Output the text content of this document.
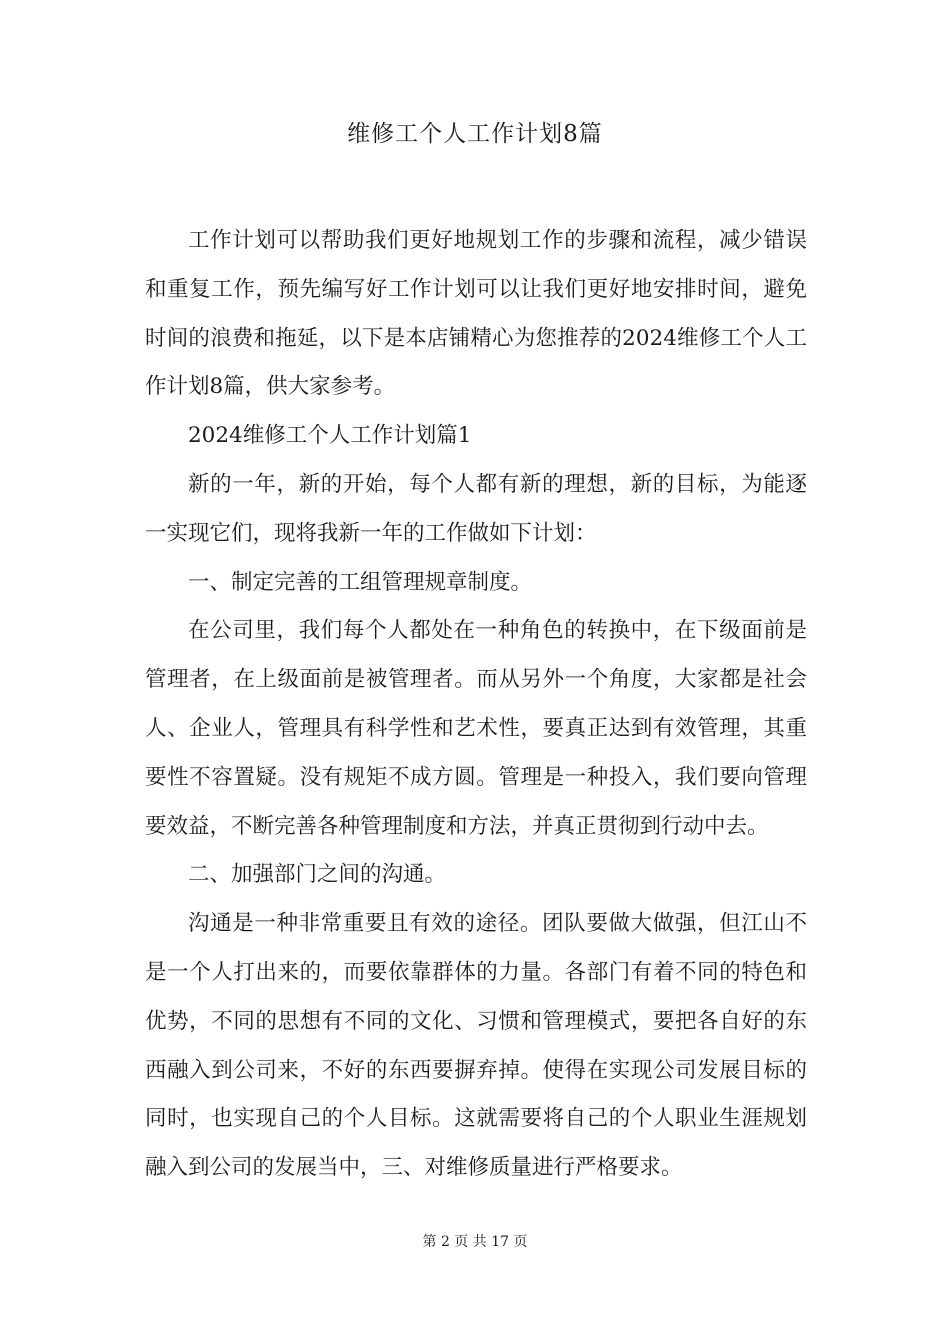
维修工个人工作计划8篇

工作计划可以帮助我们更好地规划工作的步骤和流程，减少错误和重复工作，预先编写好工作计划可以让我们更好地安排时间，避免时间的浪费和拖延，以下是本店铺精心为您推荐的2024维修工个人工作计划8篇，供大家参考。

2024维修工个人工作计划篇1

新的一年，新的开始，每个人都有新的理想，新的目标，为能逐一实现它们，现将我新一年的工作做如下计划：

一、制定完善的工组管理规章制度。

在公司里，我们每个人都处在一种角色的转换中，在下级面前是管理者，在上级面前是被管理者。而从另外一个角度，大家都是社会人、企业人，管理具有科学性和艺术性，要真正达到有效管理，其重要性不容置疑。没有规矩不成方圆。管理是一种投入，我们要向管理要效益，不断完善各种管理制度和方法，并真正贯彻到行动中去。

二、加强部门之间的沟通。

沟通是一种非常重要且有效的途径。团队要做大做强，但江山不是一个人打出来的，而要依靠群体的力量。各部门有着不同的特色和优势，不同的思想有不同的文化、习惯和管理模式，要把各自好的东西融入到公司来，不好的东西要摒弃掉。使得在实现公司发展目标的同时，也实现自己的个人目标。这就需要将自己的个人职业生涯规划融入到公司的发展当中，三、对维修质量进行严格要求。

第 2 页 共 17 页
